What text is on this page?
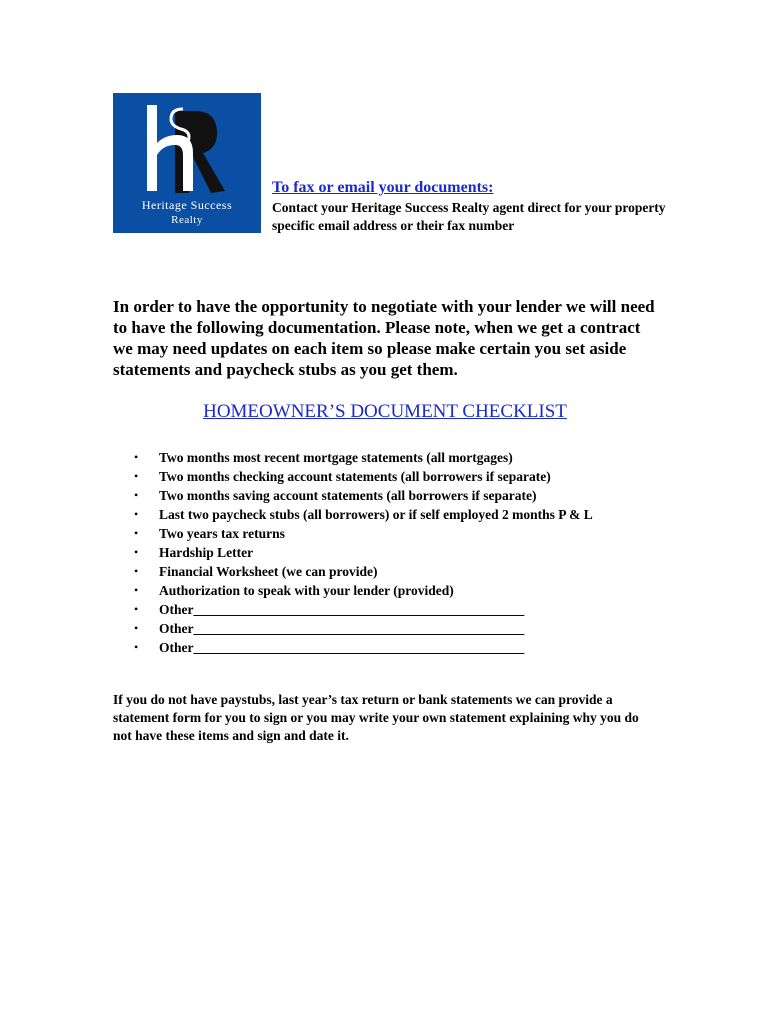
Heritage Success
Realty

To fax or email your documents:

Contact your Heritage Success Realty agent direct for your property specific email address or their fax number

In order to have the opportunity to negotiate with your lender we will need to have the following documentation. Please note, when we get a contract we may need updates on each item so please make certain you set aside statements and paycheck stubs as you get them.

HOMEOWNER’S DOCUMENT CHECKLIST

• Two months most recent mortgage statements (all mortgages)
• Two months checking account statements (all borrowers if separate)
• Two months saving account statements (all borrowers if separate)
• Last two paycheck stubs (all borrowers) or if self employed 2 months P & L
• Two years tax returns
• Hardship Letter
• Financial Worksheet (we can provide)
• Authorization to speak with your lender (provided)
• Other_________________________________________________
• Other_________________________________________________
• Other_________________________________________________

If you do not have paystubs, last year’s tax return or bank statements we can provide a statement form for you to sign or you may write your own statement explaining why you do not have these items and sign and date it.
